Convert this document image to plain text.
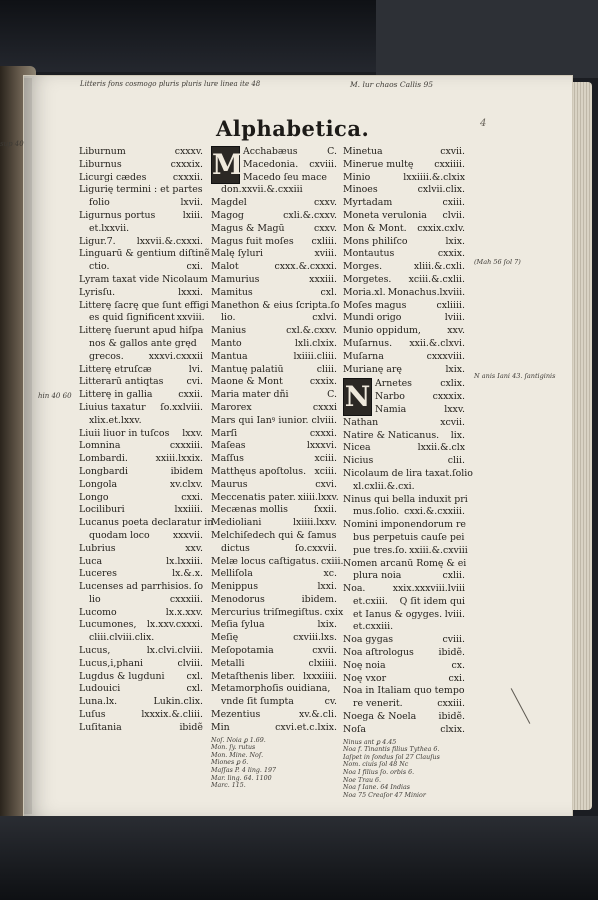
Litteris fons cosmogo pluris pluris lure linea ite 48	M. lur chaos Callis 95
Alphabetica.	4
sup 40
hin 40 60
(Mah 56 ſol 7)
N anis Iani 43. ſantiginis
Liburnum	cxxxv.
Liburnus	cxxxix.
Licurgi cædes	cxxxii.
Ligurię termini : et partes
folio	lxvii.
Ligurnus portus	lxiii.
et.lxxvii.
Ligur.7. lxxvii.&.cxxxi.
Linguarū & gentium diſtinẽ
ctio.	cxi.
Lyram taxat vide Nicolaum
Lyrisſu.	lxxxi.
Litterę ſacrę que ſunt effigi
es quid ſignificent xxviii.
Litterę ſuerunt apud hiſpa
nos & gallos ante gręd
grecos.	xxxvi.cxxxii
Litterę etruſcæ	lvi.
Litterarū antiqtas cvi.
Litterę in gallia	cxxii.
Liuius taxatur ſo.xxlviii.
xlix.et.lxxv.
Liuii liuor in tuſcos lxxv.
Lomnina	cxxxiii.
Lombardi.	xxiii.lxxix.
Longbardi	ibidem
Longola	xv.clxv.
Longo	cxxi.
Lociliburi	lxxiiii.
Lucanus poeta declaratur in
quodam loco xxxvii.
Lubrius	xxv.
Luca	lx.lxxiii.
Luceres	lx.&.x.
Lucenses ad parrhisios. ſo
lio	cxxxiii.
Lucomo	lx.x.xxv.
Lucumones, lx.xxv.cxxxi.
cliii.clviii.clix.
Lucus,	lx.clvi.clviii.
Lucus,i,phani	clviii.
Lugdus & lugduni cxl.
Ludouici	cxl.
Luna.lx.	Lukin.clix.
Luſus	lxxxix.&.cliii.
Luſitania	ibidẽ
M Acchabæus	C.
Macedonia. cxviii.
Macedo ſeu mace
don.xxvii.&.cxxiii
Magdel	cxxv.
Magog	cxli.&.cxxv.
Magus & Magū	cxxv.
Magus fuit moſes cxliii.
Malę ſyluri	xviii.
Malot	cxxx.&.cxxxi.
Mamurius	xxxiii.
Mamitus	cxl.
Manethon & eius ſcripta.ſo
lio.	cxlvi.
Manius	cxl.&.cxxv.
Manto	lxli.clxix.
Mantua	lxiiii.cliii.
Mantuę palatiū	cliii.
Maone & Mont	cxxix.
Maria mater dñi	C.
Marorex	cxxxi
Mars qui Ianꝰ iunior. clviii.
Marſi	cxxxi.
Maſeas	lxxxvi.
Maſſus	xciii.
Matthęus apoſtolus. xciii.
Maurus	cxvi.
Meccenatis pater. xiiii.lxxv.
Mecænas mollis	ſxxii.
Medioliani	lxiiii.lxxv.
Melchiſedech qui & ſamus
dictus	ſo.cxxvii.
Melæ locus caſtigatus. cxiii.
Melliſola	xc.
Menippus	lxxi.
Menodorus	ibidem.
Mercurius triſmegiſtus. cxix
Meſia ſylua	lxix.
Meſię	cxviii.lxs.
Meſopotamia	cxvii.
Metalli	clxiiii.
Metaſthenis liber. lxxxiiii.
Metamorphoſis ouidiana,
vnde ſit ſumpta	cv.
Mezentius	xv.&.cli.
Min	cxvi.et.c.lxix.
Noſ. Noia ꝑ 1.69.
Mon. ſy. rutus
Mon. Mine. Noſ.
Miones ꝑ 6.
Maſſas P. 4 ling. 197
Mar. ling. 64. 1100
Marc. 115.
Minetua	cxvii.
Minerue multę cxxiiii.
Minio	lxxiiii.&.clxix
Minoes	cxlvii.clix.
Myrtadam	cxiii.
Moneta verulonia clvii.
Mon & Mont. cxxix.cxlv.
Mons philiſco	lxix.
Montautus	cxxix.
Morges.	xliii.&.cxli.
Morgetes. xciii.&.cxlii.
Moria.xl. Monachus.lxviii.
Moſes magus	cxliiii.
Mundi origo	lviii.
Munio oppidum,	xxv.
Muſarnus. xxii.&.clxvi.
Muſarna	cxxxviii.
Murianę arę	lxix.
N Arnetes	cxlix.
Narbo	cxxxix.
Namia	lxxv.
Nathan	xcvii.
Natire & Naticanus. lix.
Nicea	lxxii.&.clx
Nicius	clii.
Nicolaum de lira taxat.ſolio
xl.cxlii.&.cxi.
Ninus qui bella induxit pri
mus.ſolio. cxxi.&.cxxiii.
Nomini imponendorum re
bus perpetuis cauſe pei
pue tres.ſo. xxiii.&.cxviii
Nomen arcanū Romę & ei
plura noia	cxlii.
Noa.	xxix.xxxviii.lviii
et.cxiii. Q ſit idem qui
et Ianus & ogyges. lviii.
et.cxxiii.
Noa gygas	cviii.
Noa aſtrologus	ibidẽ.
Noę noia	cx.
Noę vxor	cxi.
Noa in Italiam quo tempo
re venerit.	cxxiii.
Noega & Noela ibidẽ.
Noſa	clxix.
Ninus ant ꝑ 4.45
Noa f. Tinantis filius Tythea 6.
Iaſpet in ſondus ſol 27 Clauſus
Nom. ciuis ſol 48 Nc
Noa I filius ſo. orbis 6.
Noe Trau 6.
Noa f Iane. 64 Indias
Noa 75 Creaſor 47 Minior
